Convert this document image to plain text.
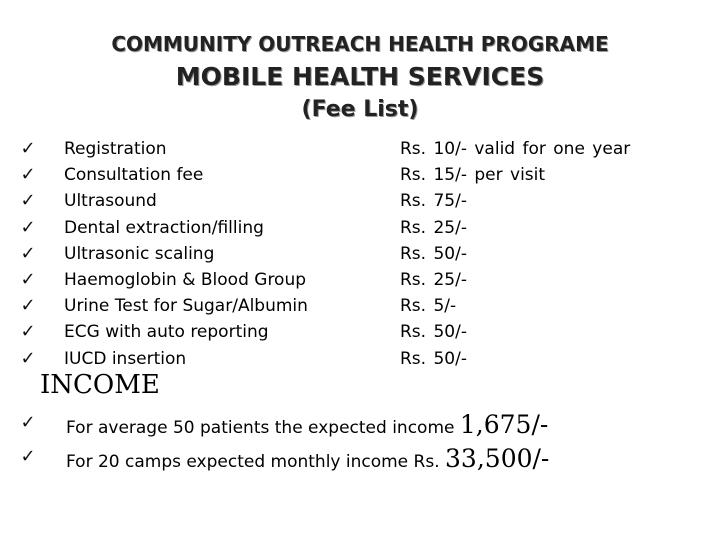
COMMUNITY OUTREACH HEALTH PROGRAME
MOBILE HEALTH SERVICES
(Fee List)
✓ Registration	Rs. 10/- valid for one year
✓ Consultation fee	Rs. 15/- per visit
✓ Ultrasound	Rs. 75/-
✓ Dental extraction/filling	Rs. 25/-
✓ Ultrasonic scaling	Rs. 50/-
✓ Haemoglobin & Blood Group	Rs. 25/-
✓ Urine Test for Sugar/Albumin	Rs. 5/-
✓ ECG with auto reporting	Rs. 50/-
✓ IUCD insertion	Rs. 50/-
INCOME
✓ For average 50 patients the expected income 1,675/-
✓ For 20 camps expected monthly income Rs. 33,500/-
